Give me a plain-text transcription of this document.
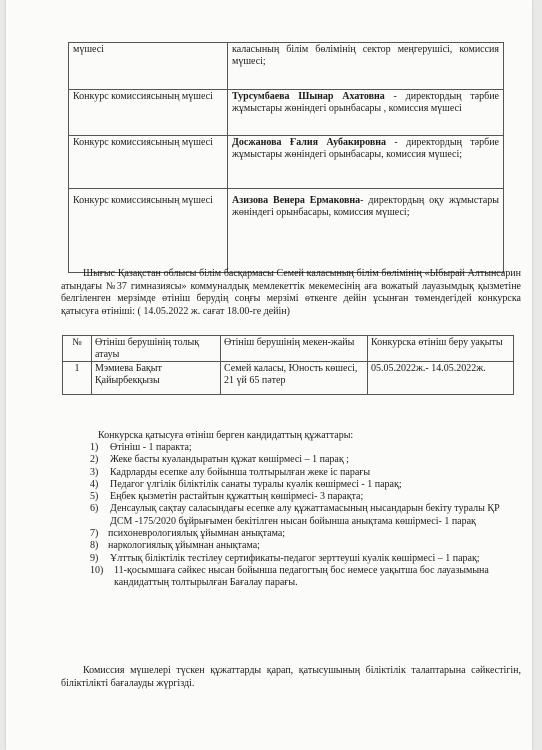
мүшесі	каласының білім бөлімінің сектор меңгерушісі, комиссия мүшесі;
Конкурс комиссиясының мүшесі	Турсумбаева Шынар Ахатовна - директордың тәрбие жұмыстары жөніндегі орынбасары , комиссия мүшесі
Конкурс комиссиясының мүшесі	Досжанова Ғалия Аубакировна - директордың тәрбие жұмыстары жөніндегі орынбасары, комиссия мүшесі;
Конкурс комиссиясының мүшесі	Азизова Венера Ермаковна- директордың оқу жұмыстары жөніндегі орынбасары, комиссия мүшесі;
Шығыс Қазақстан облысы білім басқармасы Семей каласының білім бөлімінің «Ыбырай Алтынсарин атындағы №37 гимназиясы» коммуналдық мемлекеттік мекемесінің аға вожатый лауазымдық қызметіне белгіленген мерзімде өтініш берудің соңғы мерзімі өткенге дейін ұсынған төмендегідей конкурска қатысуға өтініші: ( 14.05.2022 ж. сағат 18.00-ге дейін)
№	Өтініш берушінің толық атауы	Өтініш берушінің мекен-жайы	Конкурска өтініш беру уақыты
1	Мэмиева Бақыт Қайырбекқызы	Семей каласы, Юность көшесі, 21 үй 65 пәтер	05.05.2022ж.- 14.05.2022ж.
Конкурска қатысуға өтініш берген кандидаттың құжаттары:
1) Өтініш - 1 паракта;
2) Жеке басты куәландыратын құжат көшірмесі – 1 парақ ;
3) Кадрларды есепке алу бойынша толтырылған жеке іс парағы
4) Педагог үлгілік біліктілік санаты туралы куәлік көшірмесі - 1 парақ;
5) Еңбек қызметін растайтын құжаттың көшірмесі- 3 парақта;
6) Денсаулық сақтау саласындағы есепке алу құжаттамасының нысандарын бекіту туралы ҚР ДСМ -175/2020 бұйрығымен бекітілген нысан бойынша анықтама көшірмесі- 1 парақ
7) психоневрологиялық ұйымнан анықтама;
8) наркологиялық ұйымнан анықтама;
9) Ұлттық біліктілік тестілеу сертификаты-педагог зерттеуші куәлік көшірмесі – 1 парақ;
10) 11-қосымшаға сәйкес нысан бойынша педагогтың бос немесе уақытша бос лауазымына кандидаттың толтырылған Бағалау парағы.
Комиссия мүшелері түскен құжаттарды қарап, қатысушының біліктілік талаптарына сәйкестігін, біліктілікті бағалауды жүргізді.
